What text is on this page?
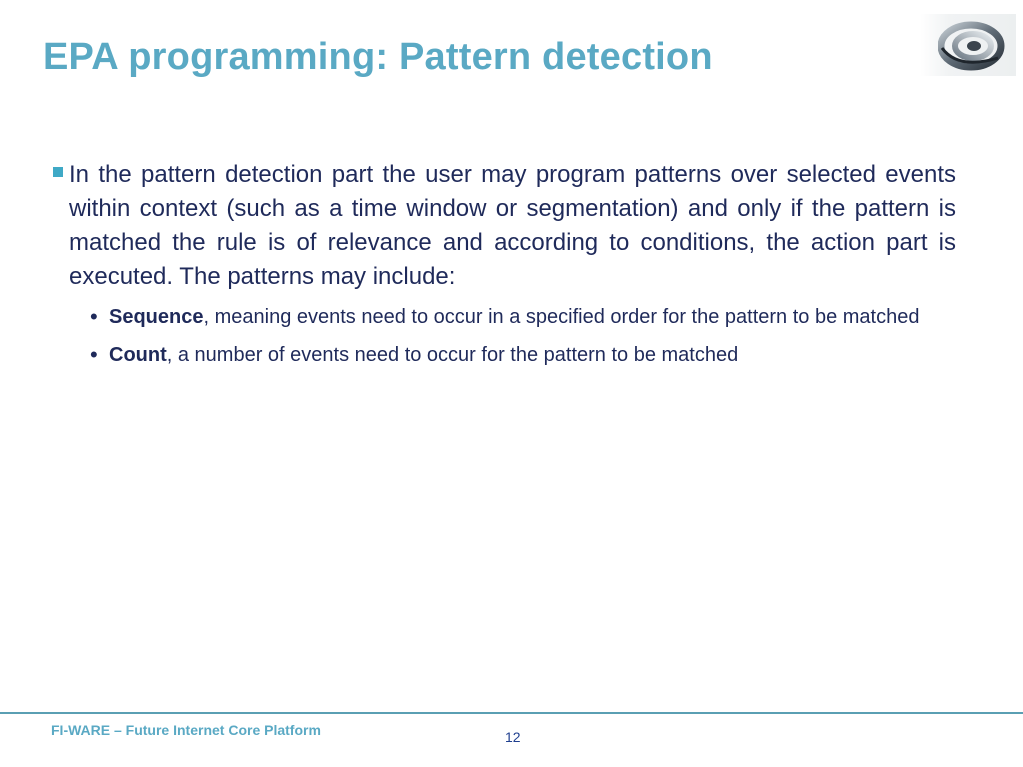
EPA programming: Pattern detection
In the pattern detection part the user may program patterns over selected events within context (such as a time window or segmentation) and only if the pattern is matched the rule is of relevance and according to conditions, the action part is executed. The patterns may include:
• Sequence, meaning events need to occur in a specified order for the pattern to be matched
• Count, a number of events need to occur for the pattern to be matched
FI-WARE – Future Internet Core Platform	12
